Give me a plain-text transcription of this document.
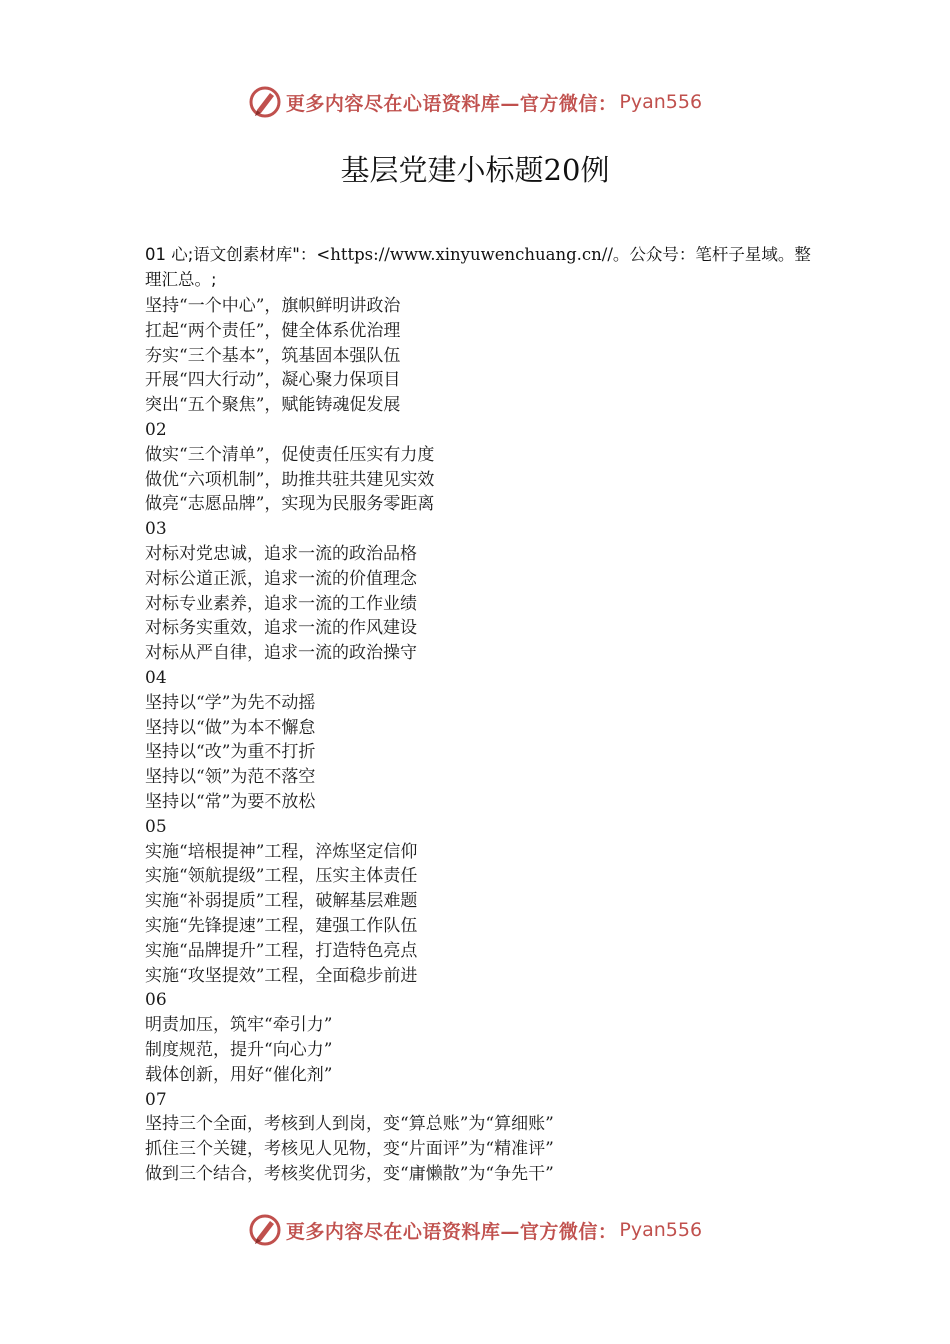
更多内容尽在心语资料库—官方微信： Pyan556
基层党建小标题20例

01 心;语文创素材库"：<https://www.xinyuwenchuang.cn//。公众号：笔杆子星域。整理汇总。;

坚持“一个中心”，旗帜鲜明讲政治
扛起“两个责任”，健全体系优治理
夯实“三个基本”，筑基固本强队伍
开展“四大行动”，凝心聚力保项目
突出“五个聚焦”，赋能铸魂促发展
02
做实“三个清单”，促使责任压实有力度
做优“六项机制”，助推共驻共建见实效
做亮“志愿品牌”，实现为民服务零距离
03
对标对党忠诚，追求一流的政治品格
对标公道正派，追求一流的价值理念
对标专业素养，追求一流的工作业绩
对标务实重效，追求一流的作风建设
对标从严自律，追求一流的政治操守
04
坚持以“学”为先不动摇
坚持以“做”为本不懈怠
坚持以“改”为重不打折
坚持以“领”为范不落空
坚持以“常”为要不放松
05
实施“培根提神”工程，淬炼坚定信仰
实施“领航提级”工程，压实主体责任
实施“补弱提质”工程，破解基层难题
实施“先锋提速”工程，建强工作队伍
实施“品牌提升”工程，打造特色亮点
实施“攻坚提效”工程，全面稳步前进
06
明责加压，筑牢“牵引力”
制度规范，提升“向心力”
载体创新，用好“催化剂”
07
坚持三个全面，考核到人到岗，变“算总账”为“算细账”
抓住三个关键，考核见人见物，变“片面评”为“精准评”
做到三个结合，考核奖优罚劣，变“庸懒散”为“争先干”
更多内容尽在心语资料库—官方微信： Pyan556
